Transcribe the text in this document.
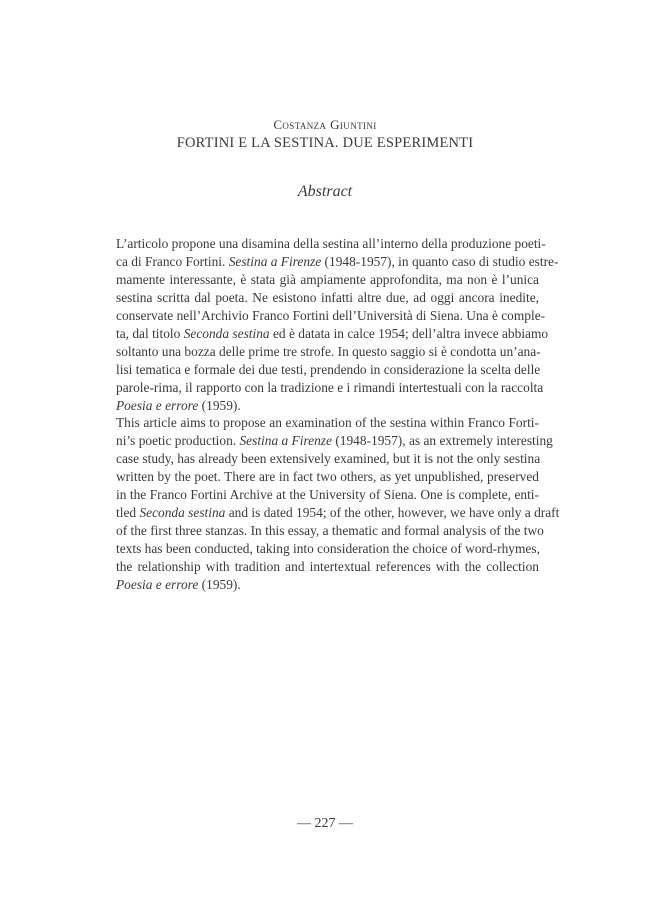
Costanza Giuntini
FORTINI E LA SESTINA. DUE ESPERIMENTI
Abstract
L’articolo propone una disamina della sestina all’interno della produzione poeti-
ca di Franco Fortini. Sestina a Firenze (1948-1957), in quanto caso di studio estre-
mamente interessante, è stata già ampiamente approfondita, ma non è l’unica
sestina scritta dal poeta. Ne esistono infatti altre due, ad oggi ancora inedite,
conservate nell’Archivio Franco Fortini dell’Università di Siena. Una è comple-
ta, dal titolo Seconda sestina ed è datata in calce 1954; dell’altra invece abbiamo
soltanto una bozza delle prime tre strofe. In questo saggio si è condotta un’ana-
lisi tematica e formale dei due testi, prendendo in considerazione la scelta delle
parole-rima, il rapporto con la tradizione e i rimandi intertestuali con la raccolta
Poesia e errore (1959).
This article aims to propose an examination of the sestina within Franco Forti-
ni’s poetic production. Sestina a Firenze (1948-1957), as an extremely interesting
case study, has already been extensively examined, but it is not the only sestina
written by the poet. There are in fact two others, as yet unpublished, preserved
in the Franco Fortini Archive at the University of Siena. One is complete, enti-
tled Seconda sestina and is dated 1954; of the other, however, we have only a draft
of the first three stanzas. In this essay, a thematic and formal analysis of the two
texts has been conducted, taking into consideration the choice of word-rhymes,
the relationship with tradition and intertextual references with the collection
Poesia e errore (1959).
— 227 —
